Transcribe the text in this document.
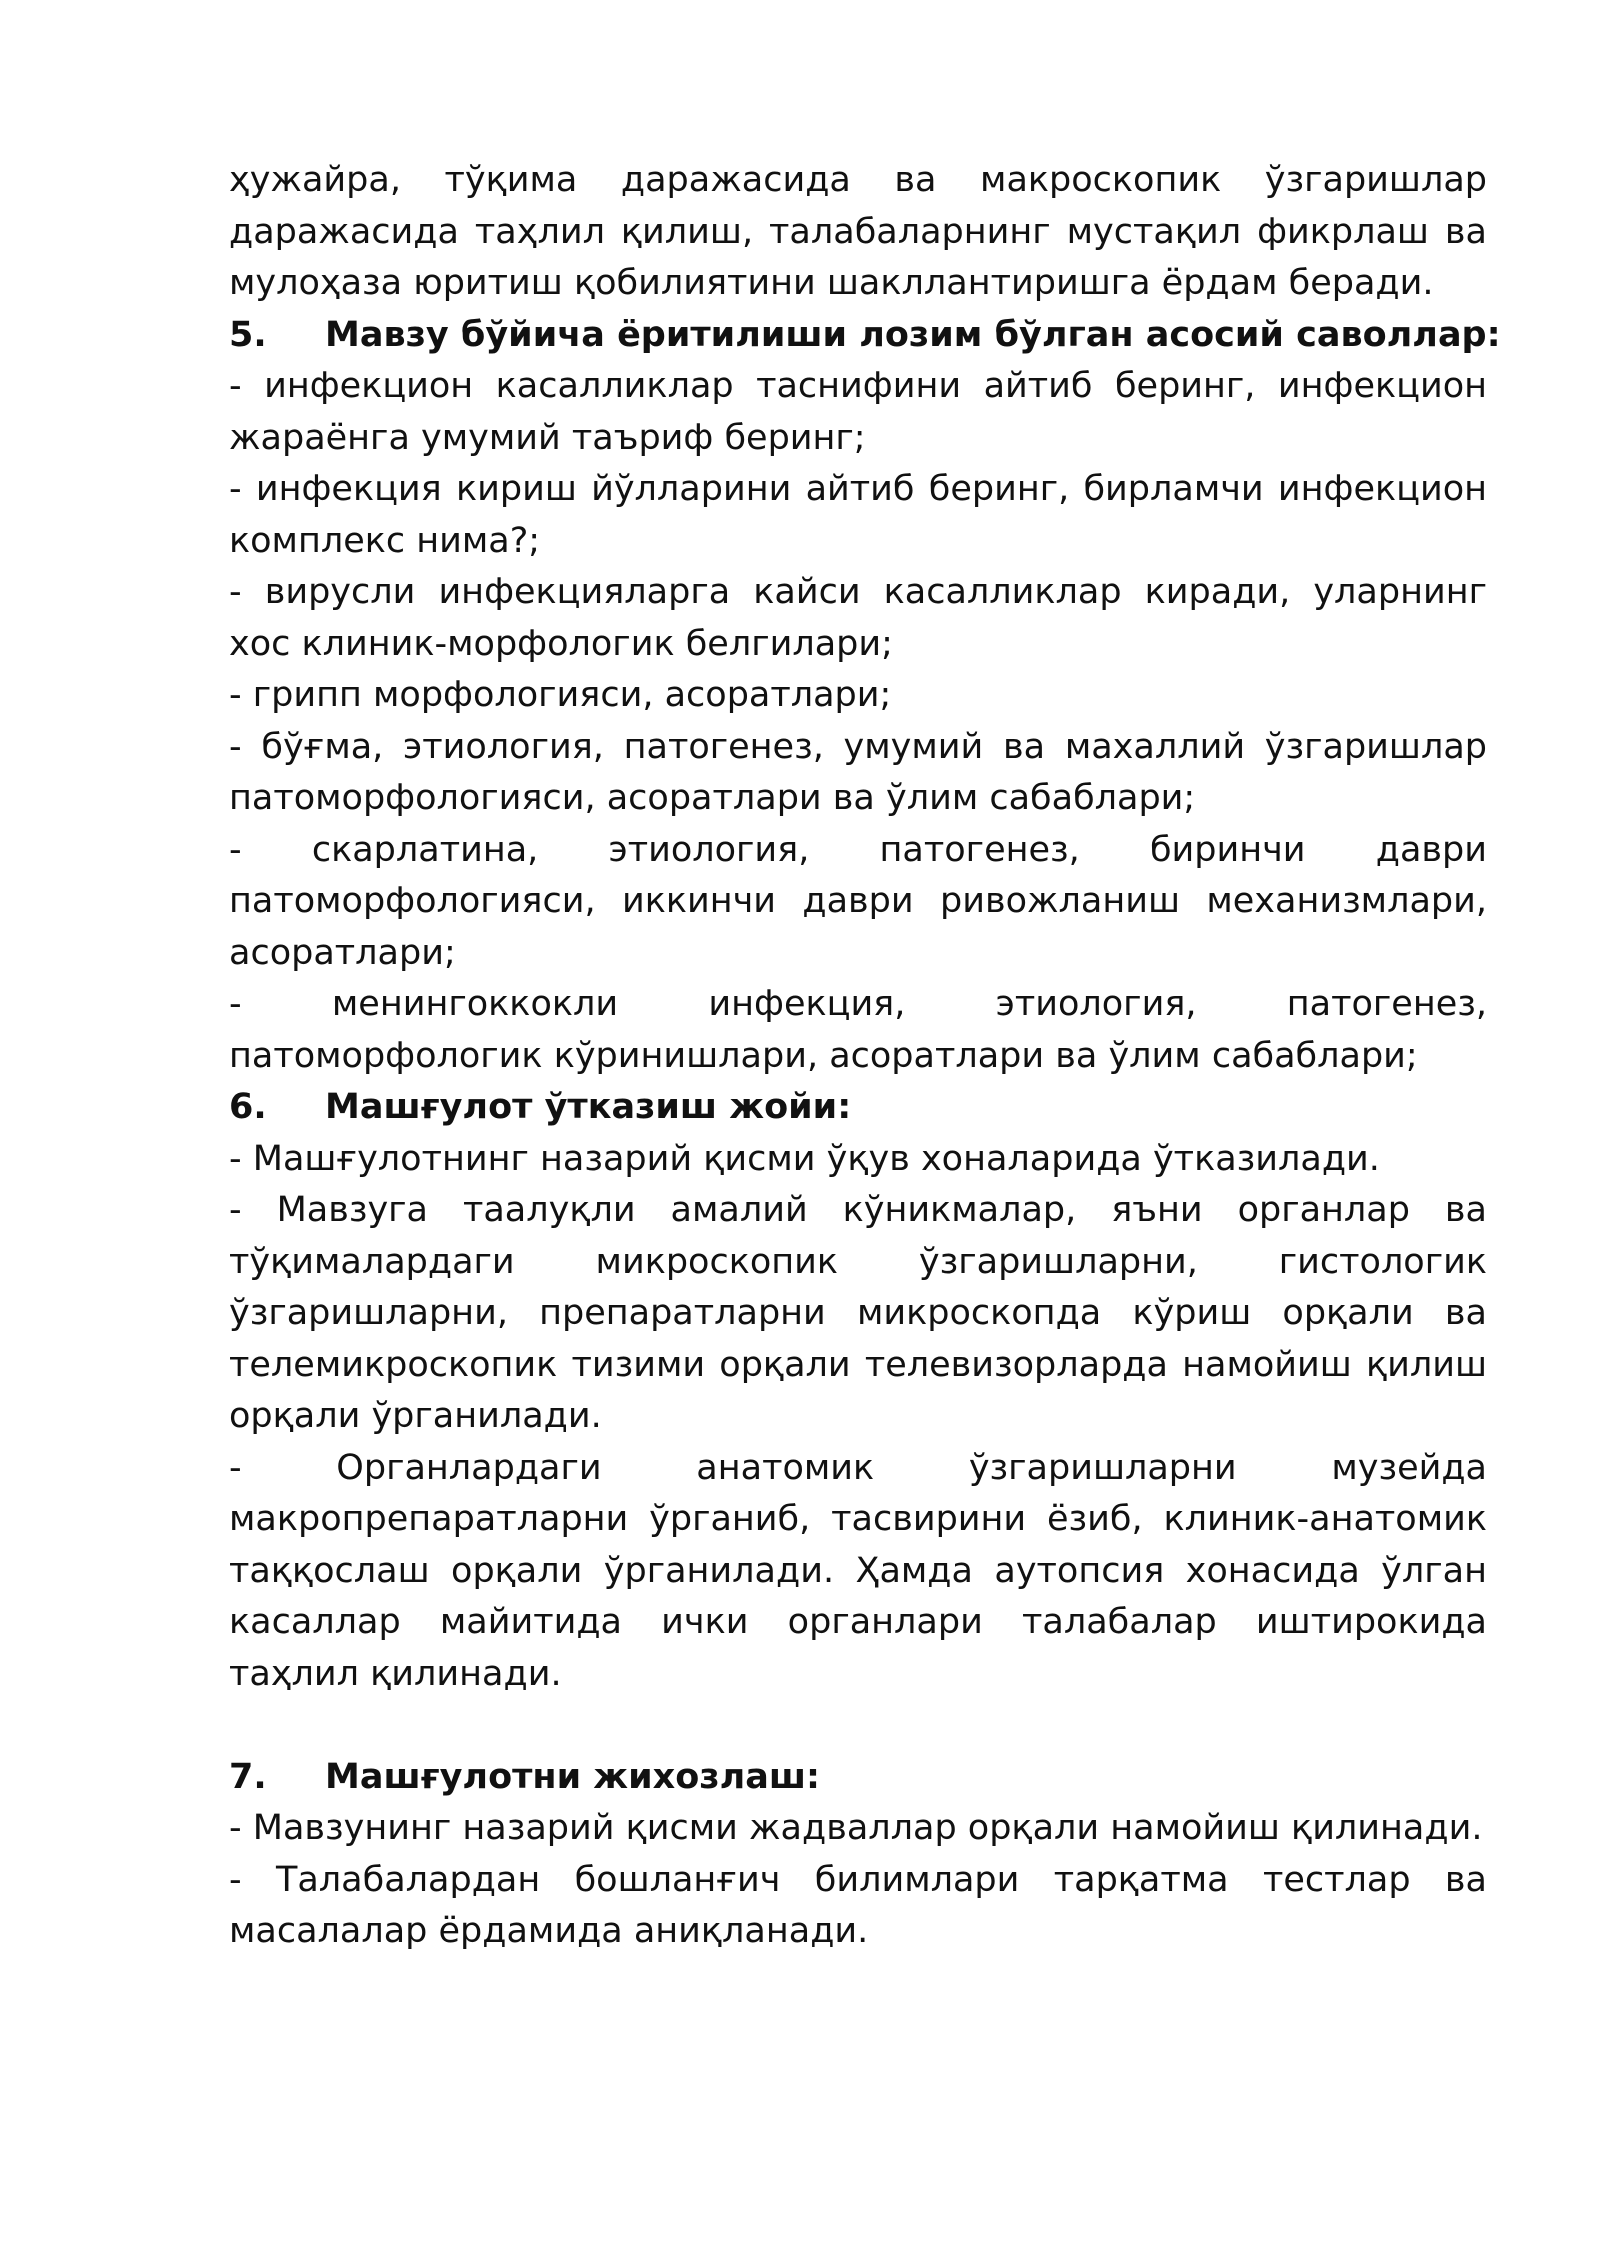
ҳужайра, тўқима даражасида ва макроскопик ўзгаришлар даражасида таҳлил қилиш, талабаларнинг мустақил фикрлаш ва мулоҳаза юритиш қобилиятини шакллантиришга ёрдам беради.

5. Мавзу бўйича ёритилиши лозим бўлган асосий саволлар:

- инфекцион касалликлар таснифини айтиб беринг, инфекцион жараёнга умумий таъриф беринг;

- инфекция кириш йўлларини айтиб беринг, бирламчи инфекцион комплекс нима?;

- вирусли инфекцияларга кайси касалликлар киради, уларнинг хос клиник-морфологик белгилари;

- грипп морфологияси, асоратлари;

- бўғма, этиология, патогенез, умумий ва махаллий ўзгаришлар патоморфологияси, асоратлари ва ўлим сабаблари;

- скарлатина, этиология, патогенез, биринчи даври патоморфологияси, иккинчи даври ривожланиш механизмлари, асоратлари;

- менингоккокли инфекция, этиология, патогенез, патоморфологик кўринишлари, асоратлари ва ўлим сабаблари;

6. Машғулот ўтказиш жойи:

- Машғулотнинг назарий қисми ўқув хоналарида ўтказилади.

- Мавзуга таалуқли амалий кўникмалар, яъни органлар ва тўқималардаги микроскопик ўзгаришларни, гистологик ўзгаришларни, препаратларни микроскопда кўриш орқали ва телемикроскопик тизими орқали телевизорларда намойиш қилиш орқали ўрганилади.

- Органлардаги анатомик ўзгаришларни музейда макропрепаратларни ўрганиб, тасвирини ёзиб, клиник-анатомик таққослаш орқали ўрганилади. Ҳамда аутопсия хонасида ўлган касаллар майитида ички органлари талабалар иштирокида таҳлил қилинади.

7. Машғулотни жихозлаш:

- Мавзунинг назарий қисми жадваллар орқали намойиш қилинади.

- Талабалардан бошланғич билимлари тарқатма тестлар ва масалалар ёрдамида аниқланади.
